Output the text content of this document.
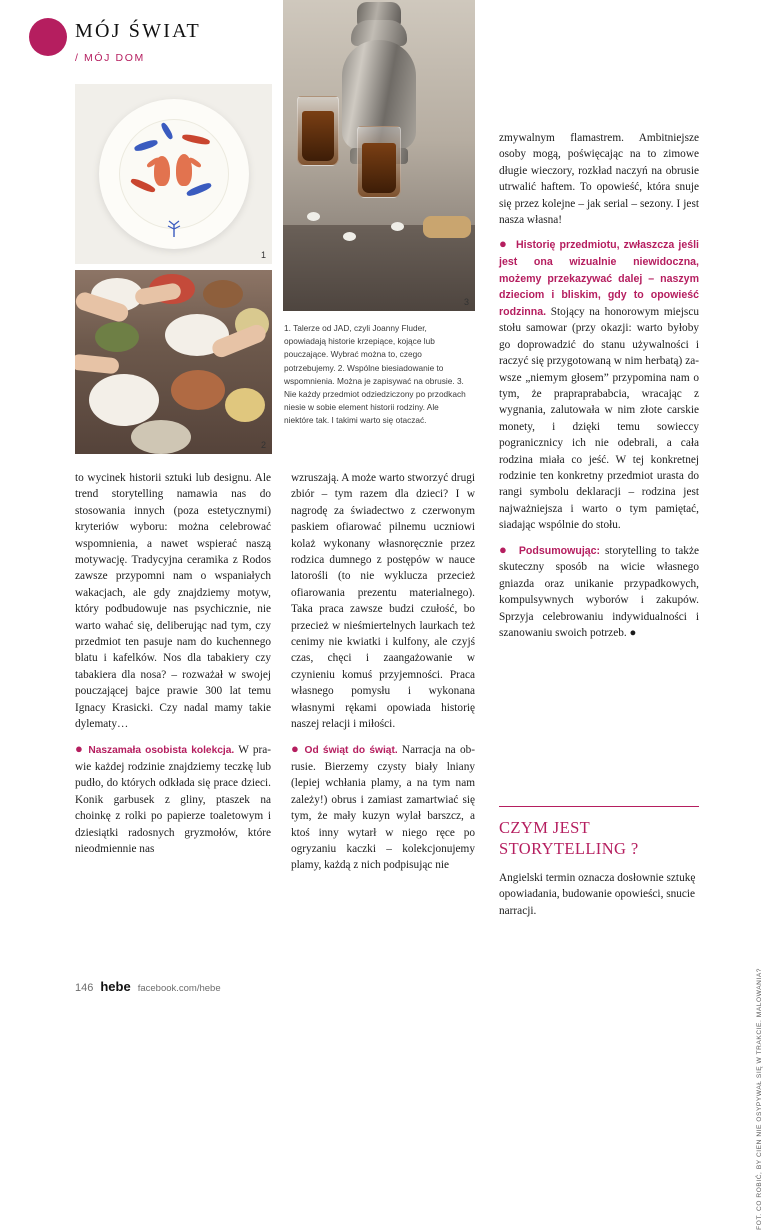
MÓJ ŚWIAT
/ MÓJ DOM
1
2
3
1. Talerze od JAD, czyli Joanny Fluder, opowiadają historie krzepiące, kojące lub pouczające. Wybrać można to, czego potrzebujemy. 2. Wspólne biesiadowanie to wspomnienia. Można je zapisywać na obrusie. 3. Nie każdy przedmiot odziedziczony po przodkach niesie w sobie element historii rodziny. Ale niektóre tak. I takimi warto się otaczać.

to wycinek historii sztuki lub designu. Ale trend storytelling namawia nas do stosowania innych (poza estetycznymi) kryteriów wyboru: można celebrować wspomnienia, a nawet wspierać naszą motywację. Tradycyjna ceramika z Rodos zawsze przypomni nam o wspaniałych wakacjach, ale gdy znajdziemy motyw, który podbudowuje nas psychicznie, nie warto wahać się, deliberując nad tym, czy przedmiot ten pasuje nam do kuchennego blatu i kafelków. Nos dla tabakiery czy tabakiera dla nosa? – rozważał w swojej pouczającej bajce prawie 300 lat temu Ignacy Krasicki. Czy nadal mamy takie dylematy…

● Naszamała osobista kolekcja. W prawie każdej rodzinie znajdziemy teczkę lub pudło, do których odkłada się prace dzieci. Konik garbusek z gliny, ptaszek na choinkę z rolki po papierze toaletowym i dziesiątki radosnych gryzmołów, które nieodmiennie nas

wzruszają. A może warto stworzyć drugi zbiór – tym razem dla dzieci? I w nagrodę za świadectwo z czerwonym paskiem ofiarować pilnemu uczniowi kolaż wykonany własnoręcznie przez rodzica dumnego z postępów w nauce latorośli (to nie wyklucza przecież ofiarowania prezentu materialnego). Taka praca zawsze budzi czułość, bo przecież w nieśmiertelnych laurkach też cenimy nie kwiatki i kulfony, ale czyjś czas, chęci i zaangażowanie w czynieniu komuś przyjemności. Praca własnego pomysłu i wykonana własnymi rękami opowiada historię naszej relacji i miłości.

● Od świąt do świąt. Narracja na obrusie. Bierzemy czysty biały lniany (lepiej wchłania plamy, a na tym nam zależy!) obrus i zamiast zamartwiać się tym, że mały kuzyn wylał barszcz, a ktoś inny wytarł w niego ręce po ogryzaniu kaczki – kolekcjonujemy plamy, każdą z nich podpisując nie

zmywalnym flamastrem. Ambitniejsze osoby mogą, poświęcając na to zimowe długie wieczory, rozkład naczyń na obrusie utrwalić haftem. To opowieść, która snuje się przez kolejne – jak serial – sezony. I jest nasza własna!

● Historię przedmiotu, zwłaszcza jeśli jest ona wizualnie niewidoczna, możemy przekazywać dalej – naszym dzieciom i bliskim, gdy to opowieść rodzinna. Stojący na honorowym miejscu stołu samowar (przy okazji: warto byłoby go doprowadzić do stanu używalności i raczyć się przygotowaną w nim herbatą) zawsze „niemym głosem” przypomina nam o tym, że prapraprababcia, wracając z wygnania, zalutowała w nim złote carskie monety, i dzięki temu sowieccy pogranicznicy ich nie odebrali, a cała rodzina miała co jeść. W tej konkretnej rodzinie ten konkretny przedmiot urasta do rangi symbolu deklaracji – rodzina jest najważniejsza i warto o tym pamiętać, siadając wspólnie do stołu.

● Podsumowując: storytelling to także skuteczny sposób na wicie własnego gniazda oraz unikanie przypadkowych, kompulsywnych wyborów i zakupów. Sprzyja celebrowaniu indywidualności i szanowaniu swoich potrzeb. ●

CZYM JEST STORYTELLING ?
Angielski termin oznacza dosłownie sztukę opowiadania, budowanie opowieści, snucie narracji.
FOT. CO ROBIĆ, BY CIEN NIE OSYPYWAŁ SIĘ W TRAKCIE. MALOWANIA?
146 hebe facebook.com/hebe
